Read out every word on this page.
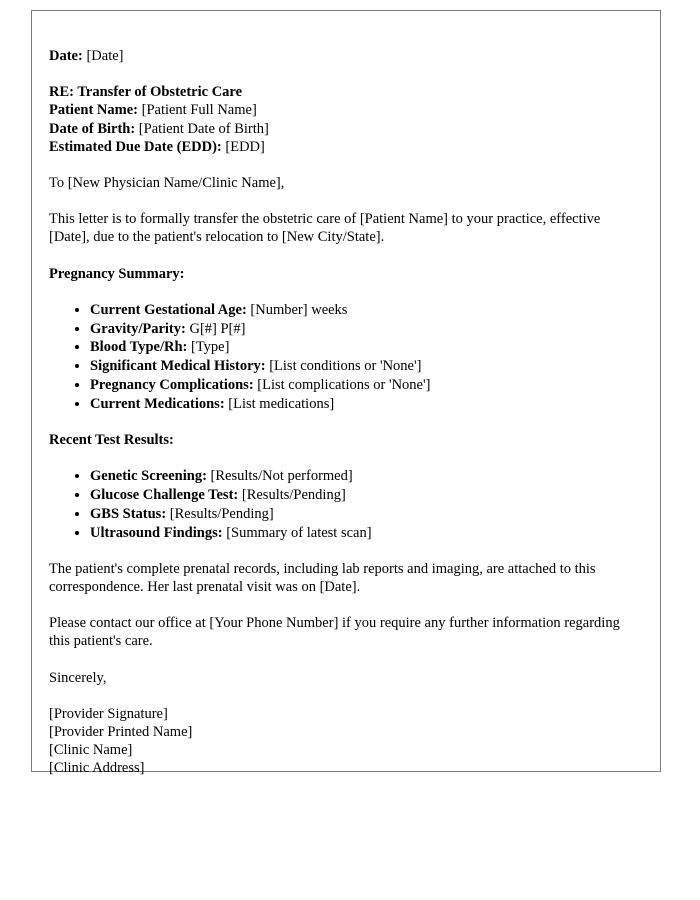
Date: [Date]

RE: Transfer of Obstetric Care

Patient Name: [Patient Full Name]

Date of Birth: [Patient Date of Birth]

Estimated Due Date (EDD): [EDD]

To [New Physician Name/Clinic Name],

This letter is to formally transfer the obstetric care of [Patient Name] to your practice, effective [Date], due to the patient's relocation to [New City/State].

Pregnancy Summary:

• Current Gestational Age: [Number] weeks
• Gravity/Parity: G[#] P[#]
• Blood Type/Rh: [Type]
• Significant Medical History: [List conditions or 'None']
• Pregnancy Complications: [List complications or 'None']
• Current Medications: [List medications]

Recent Test Results:

• Genetic Screening: [Results/Not performed]
• Glucose Challenge Test: [Results/Pending]
• GBS Status: [Results/Pending]
• Ultrasound Findings: [Summary of latest scan]

The patient's complete prenatal records, including lab reports and imaging, are attached to this correspondence. Her last prenatal visit was on [Date].

Please contact our office at [Your Phone Number] if you require any further information regarding this patient's care.

Sincerely,

[Provider Signature]

[Provider Printed Name]

[Clinic Name]

[Clinic Address]
